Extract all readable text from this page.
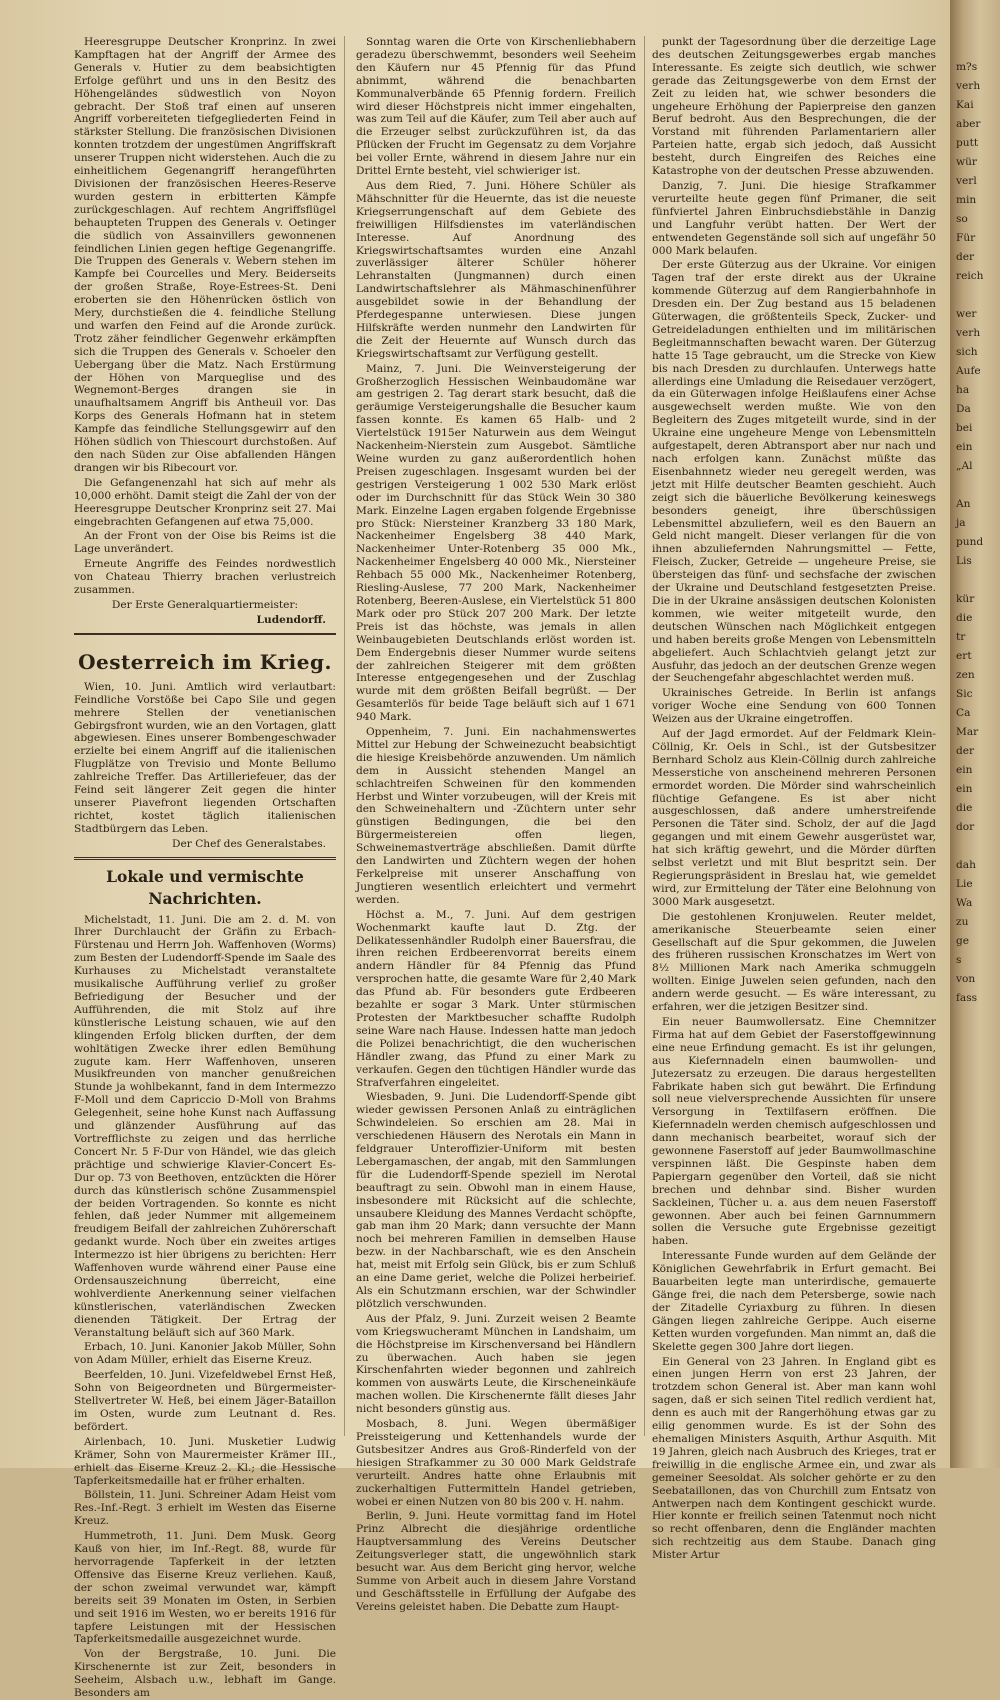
Heeresgruppe Deutscher Kronprinz. In zwei Kampftagen hat der Angriff der Armee des Generals v. Hutier zu dem beabsichtigten Erfolge geführt und uns in den Besitz des Höhengeländes südwestlich von Noyon gebracht. Der Stoß traf einen auf unseren Angriff vorbereiteten tiefgegliederten Feind in stärkster Stellung. Die französischen Divisionen konnten trotzdem der ungestümen Angriffskraft unserer Truppen nicht widerstehen. Auch die zu einheitlichem Gegenangriff herangeführten Divisionen der französischen Heeres-Reserve wurden gestern in erbitterten Kämpfe zurückgeschlagen. Auf rechtem Angriffsflügel behaupteten Truppen des Generals v. Oetinger die südlich von Assainvillers gewonnenen feindlichen Linien gegen heftige Gegenangriffe. Die Truppen des Generals v. Webern stehen im Kampfe bei Courcelles und Mery. Beiderseits der großen Straße, Roye-Estrees-St. Deni eroberten sie den Höhenrücken östlich von Mery, durchstießen die 4. feindliche Stellung und warfen den Feind auf die Aronde zurück. Trotz zäher feindlicher Gegenwehr erkämpften sich die Truppen des Generals v. Schoeler den Uebergang über die Matz. Nach Erstürmung der Höhen von Marqueglise und des Wegnemont-Berges drangen sie in unaufhaltsamem Angriff bis Antheuil vor. Das Korps des Generals Hofmann hat in stetem Kampfe das feindliche Stellungsgewirr auf den Höhen südlich von Thiescourt durchstoßen. Auf den nach Süden zur Oise abfallenden Hängen drangen wir bis Ribecourt vor.

Die Gefangenenzahl hat sich auf mehr als 10,000 erhöht. Damit steigt die Zahl der von der Heeresgruppe Deutscher Kronprinz seit 27. Mai eingebrachten Gefangenen auf etwa 75,000.

An der Front von der Oise bis Reims ist die Lage unverändert.

Erneute Angriffe des Feindes nordwestlich von Chateau Thierry brachen verlustreich zusammen.

Der Erste Generalquartiermeister:

Ludendorff.

Oesterreich im Krieg.

Wien, 10. Juni. Amtlich wird verlautbart: Feindliche Vorstöße bei Capo Sile und gegen mehrere Stellen der venetianischen Gebirgsfront wurden, wie an den Vortagen, glatt abgewiesen. Eines unserer Bombengeschwader erzielte bei einem Angriff auf die italienischen Flugplätze von Trevisio und Monte Bellumo zahlreiche Treffer. Das Artilleriefeuer, das der Feind seit längerer Zeit gegen die hinter unserer Piavefront liegenden Ortschaften richtet, kostet täglich italienischen Stadtbürgern das Leben.

Der Chef des Generalstabes.

Lokale und vermischte Nachrichten.

Michelstadt, 11. Juni. Die am 2. d. M. von Ihrer Durchlaucht der Gräfin zu Erbach-Fürstenau und Herrn Joh. Waffenhoven (Worms) zum Besten der Ludendorff-Spende im Saale des Kurhauses zu Michelstadt veranstaltete musikalische Aufführung verlief zu großer Befriedigung der Besucher und der Aufführenden, die mit Stolz auf ihre künstlerische Leistung schauen, wie auf den klingenden Erfolg blicken durften, der dem wohltätigen Zwecke ihrer edlen Bemühung zugute kam. Herr Waffenhoven, unseren Musikfreunden von mancher genußreichen Stunde ja wohlbekannt, fand in dem Intermezzo F-Moll und dem Capriccio D-Moll von Brahms Gelegenheit, seine hohe Kunst nach Auffassung und glänzender Ausführung auf das Vortrefflichste zu zeigen und das herrliche Concert Nr. 5 F-Dur von Händel, wie das gleich prächtige und schwierige Klavier-Concert Es-Dur op. 73 von Beethoven, entzückten die Hörer durch das künstlerisch schöne Zusammenspiel der beiden Vortragenden. So konnte es nicht fehlen, daß jeder Nummer mit allgemeinem freudigem Beifall der zahlreichen Zuhörerschaft gedankt wurde. Noch über ein zweites artiges Intermezzo ist hier übrigens zu berichten: Herr Waffenhoven wurde während einer Pause eine Ordensauszeichnung überreicht, eine wohlverdiente Anerkennung seiner vielfachen künstlerischen, vaterländischen Zwecken dienenden Tätigkeit. Der Ertrag der Veranstaltung beläuft sich auf 360 Mark.

Erbach, 10. Juni. Kanonier Jakob Müller, Sohn von Adam Müller, erhielt das Eiserne Kreuz.

Beerfelden, 10. Juni. Vizefeldwebel Ernst Heß, Sohn von Beigeordneten und Bürgermeister-Stellvertreter W. Heß, bei einem Jäger-Bataillon im Osten, wurde zum Leutnant d. Res. befördert.

Airlenbach, 10. Juni. Musketier Ludwig Krämer, Sohn von Maurermeister Krämer III., erhielt das Eiserne Kreuz 2. Kl.; die Hessische Tapferkeitsmedaille hat er früher erhalten.

Böllstein, 11. Juni. Schreiner Adam Heist vom Res.-Inf.-Regt. 3 erhielt im Westen das Eiserne Kreuz.

Hummetroth, 11. Juni. Dem Musk. Georg Kauß von hier, im Inf.-Regt. 88, wurde für hervorragende Tapferkeit in der letzten Offensive das Eiserne Kreuz verliehen. Kauß, der schon zweimal verwundet war, kämpft bereits seit 39 Monaten im Osten, in Serbien und seit 1916 im Westen, wo er bereits 1916 für tapfere Leistungen mit der Hessischen Tapferkeitsmedaille ausgezeichnet wurde.

Von der Bergstraße, 10. Juni. Die Kirschenernte ist zur Zeit, besonders in Seeheim, Alsbach u.w., lebhaft im Gange. Besonders am

Sonntag waren die Orte von Kirschenliebhabern geradezu überschwemmt, besonders weil Seeheim den Käufern nur 45 Pfennig für das Pfund abnimmt, während die benachbarten Kommunalverbände 65 Pfennig fordern. Freilich wird dieser Höchstpreis nicht immer eingehalten, was zum Teil auf die Käufer, zum Teil aber auch auf die Erzeuger selbst zurückzuführen ist, da das Pflücken der Frucht im Gegensatz zu dem Vorjahre bei voller Ernte, während in diesem Jahre nur ein Drittel Ernte besteht, viel schwieriger ist.

Aus dem Ried, 7. Juni. Höhere Schüler als Mähschnitter für die Heuernte, das ist die neueste Kriegserrungenschaft auf dem Gebiete des freiwilligen Hilfsdienstes im vaterländischen Interesse. Auf Anordnung des Kriegswirtschaftsamtes wurden eine Anzahl zuverlässiger älterer Schüler höherer Lehranstalten (Jungmannen) durch einen Landwirtschaftslehrer als Mähmaschinenführer ausgebildet sowie in der Behandlung der Pferdegespanne unterwiesen. Diese jungen Hilfskräfte werden nunmehr den Landwirten für die Zeit der Heuernte auf Wunsch durch das Kriegswirtschaftsamt zur Verfügung gestellt.

Mainz, 7. Juni. Die Weinversteigerung der Großherzoglich Hessischen Weinbaudomäne war am gestrigen 2. Tag derart stark besucht, daß die geräumige Versteigerungshalle die Besucher kaum fassen konnte. Es kamen 65 Halb- und 2 Viertelstück 1915er Naturwein aus dem Weingut Nackenheim-Nierstein zum Ausgebot. Sämtliche Weine wurden zu ganz außerordentlich hohen Preisen zugeschlagen. Insgesamt wurden bei der gestrigen Versteigerung 1 002 530 Mark erlöst oder im Durchschnitt für das Stück Wein 30 380 Mark. Einzelne Lagen ergaben folgende Ergebnisse pro Stück: Niersteiner Kranzberg 33 180 Mark, Nackenheimer Engelsberg 38 440 Mark, Nackenheimer Unter-Rotenberg 35 000 Mk., Nackenheimer Engelsberg 40 000 Mk., Niersteiner Rehbach 55 000 Mk., Nackenheimer Rotenberg, Riesling-Auslese, 77 200 Mark, Nackenheimer Rotenberg, Beeren-Auslese, ein Viertelstück 51 800 Mark oder pro Stück 207 200 Mark. Der letzte Preis ist das höchste, was jemals in allen Weinbaugebieten Deutschlands erlöst worden ist. Dem Endergebnis dieser Nummer wurde seitens der zahlreichen Steigerer mit dem größten Interesse entgegengesehen und der Zuschlag wurde mit dem größten Beifall begrüßt. — Der Gesamterlös für beide Tage beläuft sich auf 1 671 940 Mark.

Oppenheim, 7. Juni. Ein nachahmenswertes Mittel zur Hebung der Schweinezucht beabsichtigt die hiesige Kreisbehörde anzuwenden. Um nämlich dem in Aussicht stehenden Mangel an schlachtreifen Schweinen für den kommenden Herbst und Winter vorzubeugen, will der Kreis mit den Schweinehaltern und -Züchtern unter sehr günstigen Bedingungen, die bei den Bürgermeistereien offen liegen, Schweinemastverträge abschließen. Damit dürfte den Landwirten und Züchtern wegen der hohen Ferkelpreise mit unserer Anschaffung von Jungtieren wesentlich erleichtert und vermehrt werden.

Höchst a. M., 7. Juni. Auf dem gestrigen Wochenmarkt kaufte laut D. Ztg. der Delikatessenhändler Rudolph einer Bauersfrau, die ihren reichen Erdbeerenvorrat bereits einem andern Händler für 84 Pfennig das Pfund versprochen hatte, die gesamte Ware für 2,40 Mark das Pfund ab. Für besonders gute Erdbeeren bezahlte er sogar 3 Mark. Unter stürmischen Protesten der Marktbesucher schaffte Rudolph seine Ware nach Hause. Indessen hatte man jedoch die Polizei benachrichtigt, die den wucherischen Händler zwang, das Pfund zu einer Mark zu verkaufen. Gegen den tüchtigen Händler wurde das Strafverfahren eingeleitet.

Wiesbaden, 9. Juni. Die Ludendorff-Spende gibt wieder gewissen Personen Anlaß zu einträglichen Schwindeleien. So erschien am 28. Mai in verschiedenen Häusern des Nerotals ein Mann in feldgrauer Unteroffizier-Uniform mit besten Lebergamaschen, der angab, mit den Sammlungen für die Ludendorff-Spende speziell im Nerotal beauftragt zu sein. Obwohl man in einem Hause, insbesondere mit Rücksicht auf die schlechte, unsaubere Kleidung des Mannes Verdacht schöpfte, gab man ihm 20 Mark; dann versuchte der Mann noch bei mehreren Familien in demselben Hause bezw. in der Nachbarschaft, wie es den Anschein hat, meist mit Erfolg sein Glück, bis er zum Schluß an eine Dame geriet, welche die Polizei herbeirief. Als ein Schutzmann erschien, war der Schwindler plötzlich verschwunden.

Aus der Pfalz, 9. Juni. Zurzeit weisen 2 Beamte vom Kriegswucheramt München in Landshaim, um die Höchstpreise im Kirschenversand bei Händlern zu überwachen. Auch haben sie jegen Kirschenfahrten wieder begonnen und zahlreich kommen von auswärts Leute, die Kirscheneinkäufe machen wollen. Die Kirschenernte fällt dieses Jahr nicht besonders günstig aus.

Mosbach, 8. Juni. Wegen übermäßiger Preissteigerung und Kettenhandels wurde der Gutsbesitzer Andres aus Groß-Rinderfeld von der hiesigen Strafkammer zu 30 000 Mark Geldstrafe verurteilt. Andres hatte ohne Erlaubnis mit zuckerhaltigen Futtermitteln Handel getrieben, wobei er einen Nutzen von 80 bis 200 v. H. nahm.

Berlin, 9. Juni. Heute vormittag fand im Hotel Prinz Albrecht die diesjährige ordentliche Hauptversammlung des Vereins Deutscher Zeitungsverleger statt, die ungewöhnlich stark besucht war. Aus dem Bericht ging hervor, welche Summe von Arbeit auch in diesem Jahre Vorstand und Geschäftsstelle in Erfüllung der Aufgabe des Vereins geleistet haben. Die Debatte zum Haupt-

punkt der Tagesordnung über die derzeitige Lage des deutschen Zeitungsgewerbes ergab manches Interessante. Es zeigte sich deutlich, wie schwer gerade das Zeitungsgewerbe von dem Ernst der Zeit zu leiden hat, wie schwer besonders die ungeheure Erhöhung der Papierpreise den ganzen Beruf bedroht. Aus den Besprechungen, die der Vorstand mit führenden Parlamentariern aller Parteien hatte, ergab sich jedoch, daß Aussicht besteht, durch Eingreifen des Reiches eine Katastrophe von der deutschen Presse abzuwenden.

Danzig, 7. Juni. Die hiesige Strafkammer verurteilte heute gegen fünf Primaner, die seit fünfviertel Jahren Einbruchsdiebstähle in Danzig und Langfuhr verübt hatten. Der Wert der entwendeten Gegenstände soll sich auf ungefähr 50 000 Mark belaufen.

Der erste Güterzug aus der Ukraine. Vor einigen Tagen traf der erste direkt aus der Ukraine kommende Güterzug auf dem Rangierbahnhofe in Dresden ein. Der Zug bestand aus 15 beladenen Güterwagen, die größtenteils Speck, Zucker- und Getreideladungen enthielten und im militärischen Begleitmannschaften bewacht waren. Der Güterzug hatte 15 Tage gebraucht, um die Strecke von Kiew bis nach Dresden zu durchlaufen. Unterwegs hatte allerdings eine Umladung die Reisedauer verzögert, da ein Güterwagen infolge Heißlaufens einer Achse ausgewechselt werden mußte. Wie von den Begleitern des Zuges mitgeteilt wurde, sind in der Ukraine eine ungeheure Menge von Lebensmitteln aufgestapelt, deren Abtransport aber nur nach und nach erfolgen kann. Zunächst müßte das Eisenbahnnetz wieder neu geregelt werden, was jetzt mit Hilfe deutscher Beamten geschieht. Auch zeigt sich die bäuerliche Bevölkerung keineswegs besonders geneigt, ihre überschüssigen Lebensmittel abzuliefern, weil es den Bauern an Geld nicht mangelt. Dieser verlangen für die von ihnen abzuliefernden Nahrungsmittel — Fette, Fleisch, Zucker, Getreide — ungeheure Preise, sie übersteigen das fünf- und sechsfache der zwischen der Ukraine und Deutschland festgesetzten Preise. Die in der Ukraine ansässigen deutschen Kolonisten kommen, wie weiter mitgeteilt wurde, den deutschen Wünschen nach Möglichkeit entgegen und haben bereits große Mengen von Lebensmitteln abgeliefert. Auch Schlachtvieh gelangt jetzt zur Ausfuhr, das jedoch an der deutschen Grenze wegen der Seuchengefahr abgeschlachtet werden muß.

Ukrainisches Getreide. In Berlin ist anfangs voriger Woche eine Sendung von 600 Tonnen Weizen aus der Ukraine eingetroffen.

Auf der Jagd ermordet. Auf der Feldmark Klein-Cöllnig, Kr. Oels in Schl., ist der Gutsbesitzer Bernhard Scholz aus Klein-Cöllnig durch zahlreiche Messerstiche von anscheinend mehreren Personen ermordet worden. Die Mörder sind wahrscheinlich flüchtige Gefangene. Es ist aber nicht ausgeschlossen, daß andere umherstreifende Personen die Täter sind. Scholz, der auf die Jagd gegangen und mit einem Gewehr ausgerüstet war, hat sich kräftig gewehrt, und die Mörder dürften selbst verletzt und mit Blut bespritzt sein. Der Regierungspräsident in Breslau hat, wie gemeldet wird, zur Ermittelung der Täter eine Belohnung von 3000 Mark ausgesetzt.

Die gestohlenen Kronjuwelen. Reuter meldet, amerikanische Steuerbeamte seien einer Gesellschaft auf die Spur gekommen, die Juwelen des früheren russischen Kronschatzes im Wert von 8½ Millionen Mark nach Amerika schmuggeln wollten. Einige Juwelen seien gefunden, nach den andern werde gesucht. — Es wäre interessant, zu erfahren, wer die jetzigen Besitzer sind.

Ein neuer Baumwollersatz. Eine Chemnitzer Firma hat auf dem Gebiet der Faserstoffgewinnung eine neue Erfindung gemacht. Es ist ihr gelungen, aus Kiefernnadeln einen baumwollen- und Jutezersatz zu erzeugen. Die daraus hergestellten Fabrikate haben sich gut bewährt. Die Erfindung soll neue vielversprechende Aussichten für unsere Versorgung in Textilfasern eröffnen. Die Kiefernnadeln werden chemisch aufgeschlossen und dann mechanisch bearbeitet, worauf sich der gewonnene Faserstoff auf jeder Baumwollmaschine verspinnen läßt. Die Gespinste haben dem Papiergarn gegenüber den Vorteil, daß sie nicht brechen und dehnbar sind. Bisher wurden Sackleinen, Tücher u. a. aus dem neuen Faserstoff gewonnen. Aber auch bei feinen Garnnummern sollen die Versuche gute Ergebnisse gezeitigt haben.

Interessante Funde wurden auf dem Gelände der Königlichen Gewehrfabrik in Erfurt gemacht. Bei Bauarbeiten legte man unterirdische, gemauerte Gänge frei, die nach dem Petersberge, sowie nach der Zitadelle Cyriaxburg zu führen. In diesen Gängen liegen zahlreiche Gerippe. Auch eiserne Ketten wurden vorgefunden. Man nimmt an, daß die Skelette gegen 300 Jahre dort liegen.

Ein General von 23 Jahren. In England gibt es einen jungen Herrn von erst 23 Jahren, der trotzdem schon General ist. Aber man kann wohl sagen, daß er sich seinen Titel redlich verdient hat, denn es auch mit der Rangerhöhung etwas gar zu eilig genommen wurde. Es ist der Sohn des ehemaligen Ministers Asquith, Arthur Asquith. Mit 19 Jahren, gleich nach Ausbruch des Krieges, trat er freiwillig in die englische Armee ein, und zwar als gemeiner Seesoldat. Als solcher gehörte er zu den Seebataillonen, das von Churchill zum Entsatz von Antwerpen nach dem Kontingent geschickt wurde. Hier konnte er freilich seinen Tatenmut noch nicht so recht offenbaren, denn die Engländer machten sich rechtzeitig aus dem Staube. Danach ging Mister Artur

m?s
verh
Kai
aber
putt
wür
verl
min
so
Für
der
reich

wer
verh
sich
Aufe
ha
Da
bei
ein
„Al

An
ja
pund
Lis

kür
die
tr
ert
zen
Sic
Ca
Mar
der
ein
ein
die
dor

dah
Lie
Wa
zu
ge
s
von
fass
